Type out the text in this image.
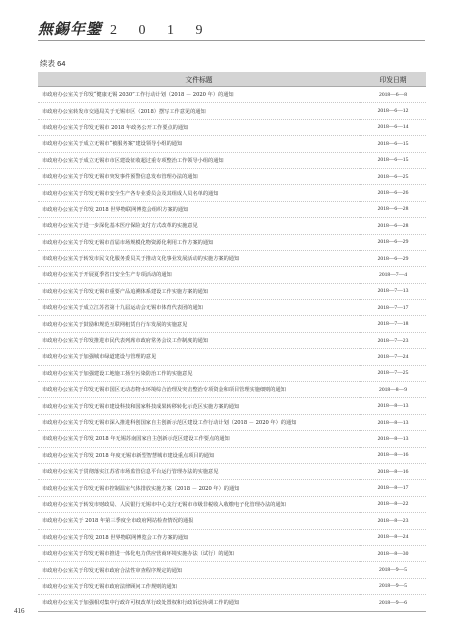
無錫年鑒 2 0 1 9
续表 64
文件标题	印发日期
市政府办公室关于印发“健康无锡 2030”工作行动计划（2018 － 2020 年）的通知	2018—6—8
市政府办公室转发市交通局关于无锡市区（2018）摆写工作意见的通知	2018—6—12
市政府办公室关于印发无锡市 2018 年政务公开工作要点的通知	2018—6—14
市政府办公室关于成立无锡市“被服务案”建设领导小组的通知	2018—6—15
市政府办公室关于成立无锡市市区建设征收超过重专项整治工作领导小组的通知	2018—6—15
市政府办公室关于印发无锡市突发事件预警信息发布管理办法的通知	2018—6—25
市政府办公室关于印发无锡市安全生产各专业委员会及其组成人员名单的通知	2018—6—26
市政府办公室关于印发 2018 世界物联网博览会组织方案的通知	2018—6—28
市政府办公室关于进一步深化基本医疗保险支付方式改革的实施意见	2018—6—28
市政府办公室关于印发无锡市首届市场规模化物资源化利用工作方案的通知	2018—6—29
市政府办公室关于转发市民文化服务委员关于推动文化事业发展活动的实施方案的通知	2018—6—29
市政府办公室关于开展夏季省日安全生产专项活动的通知	2018—7—4
市政府办公室关于印发无锡市重要产品追溯体系建设工作实施方案的通知	2018—7—13
市政府办公室关于成立江苏省第十九届运动会无锡市体育代表团的通知	2018—7—17
市政府办公室关于鼓励和规范互联网租赁自行车发展的实施意见	2018—7—18
市政府办公室关于印发推进市民代表列席市政府常务会议工作制度的通知	2018—7—23
市政府办公室关于加强城市绿道建设与管理的意见	2018—7—24
市政府办公室关于加强建设工地施工扬尘污染防治工作的实施意见	2018—7—25
市政府办公室关于印发无锡市国区无动态物水环境综合治理及突击整治专项资金和项目管理实施细则的通知	2018—8—9
市政府办公室关于印发无锡市建设科技和国家科技成果转移转化示范区实施方案的通知	2018—8—13
市政府办公室关于印发无锡市深入推进科创国家自主创新示范区建设工作行动计划（2018 － 2020 年）的通知	2018—8—13
市政府办公室关于印发 2018 年无锡苏南国家自主创新示范区建设工作要点的通知	2018—8—13
市政府办公室关于印发 2018 年度无锡市新型智慧城市建设重点项目的通知	2018—8—16
市政府办公室关于贯彻落实江苏省市场监管信息平台运行管理办法的实施意见	2018—8—16
市政府办公室关于印发无锡市控制温室气体排放实施方案（2018 － 2020 年）的通知	2018—8—17
市政府办公室关于转发市财政局、人民银行无锡市中心支行无锡市市级非税收入收缴电子化管理办法的通知	2018—8—22
市政府办公室关于 2018 年第三季度全市政府网站检查情况的通报	2018—8—23
市政府办公室关于印发 2018 世界物联网博览会工作方案的通知	2018—8—24
市政府办公室关于印发无锡市推进一体化电力供应营商环境实施办法（试行）的通知	2018—8—30
市政府办公室关于印发无锡市政府合法性审查程序规定的通知	2018—9—5
市政府办公室关于印发无锡市政府法律顾问工作规则的通知	2018—9—5
市政府办公室关于加强相对集中行政许可权改革行政处置权和行政诉讼协调工作的通知	2018—9—6
416
